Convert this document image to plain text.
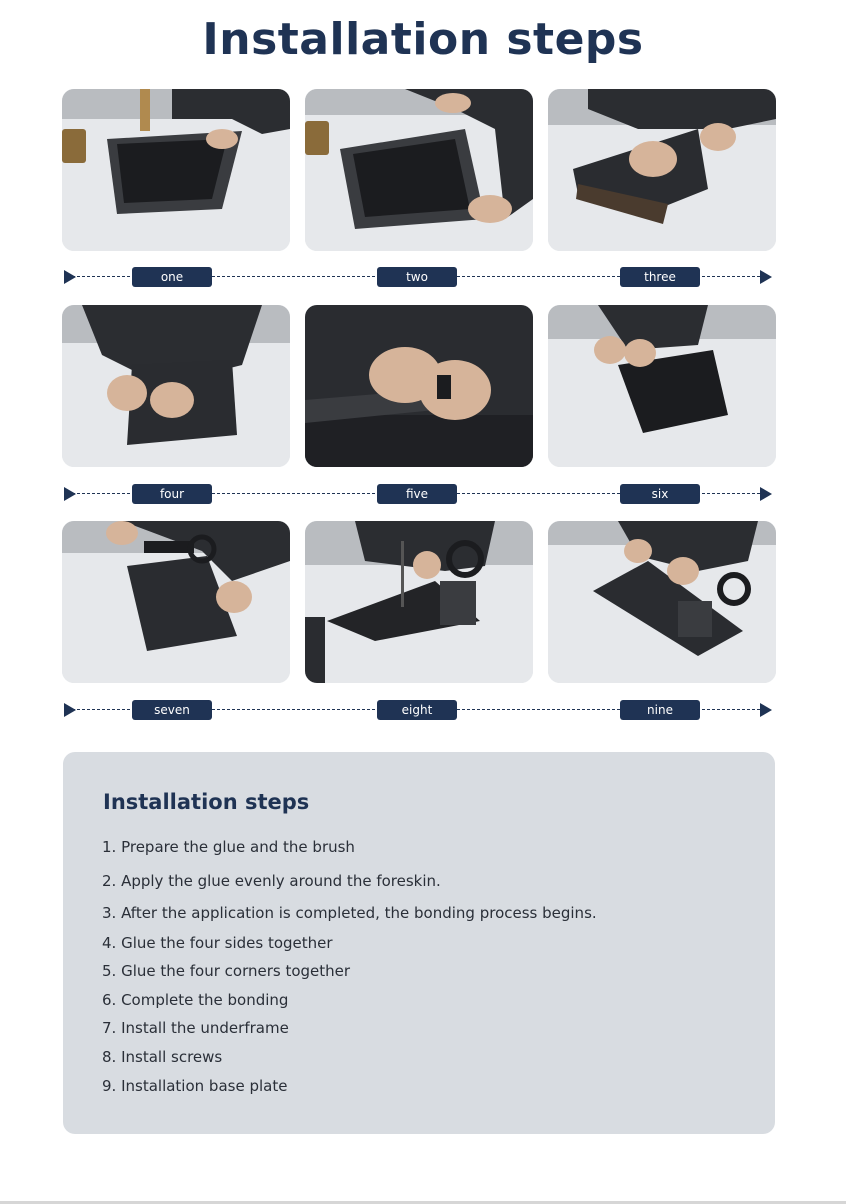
Installation steps
one	two	three
four	five	six
seven	eight	nine
Installation steps
1. Prepare the glue and the brush
2. Apply the glue evenly around the foreskin.
3. After the application is completed, the bonding process begins.
4. Glue the four sides together
5. Glue the four corners together
6. Complete the bonding
7. Install the underframe
8. Install screws
9. Installation base plate
